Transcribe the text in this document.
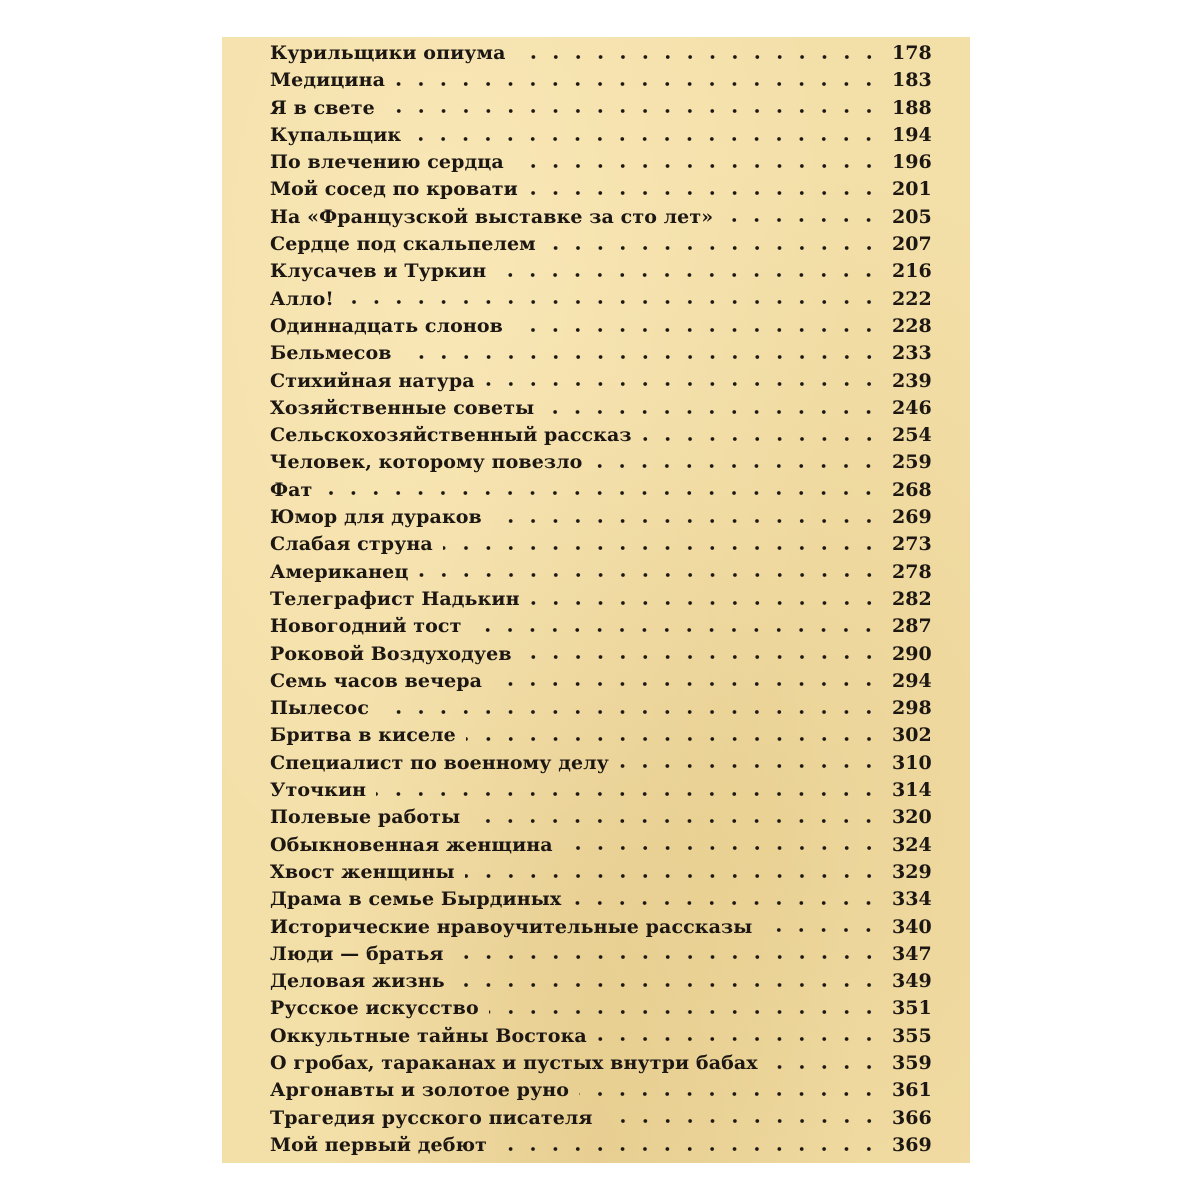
Курильщики опиума	178
Медицина	183
Я в свете	188
Купальщик	194
По влечению сердца	196
Мой сосед по кровати	201
На «Французской выставке за сто лет»	205
Сердце под скальпелем	207
Клусачев и Туркин	216
Алло!	222
Одиннадцать слонов	228
Бельмесов	233
Стихийная натура	239
Хозяйственные советы	246
Сельскохозяйственный рассказ	254
Человек, которому повезло	259
Фат	268
Юмор для дураков	269
Слабая струна	273
Американец	278
Телеграфист Надькин	282
Новогодний тост	287
Роковой Воздуходуев	290
Семь часов вечера	294
Пылесос	298
Бритва в киселе	302
Специалист по военному делу	310
Уточкин	314
Полевые работы	320
Обыкновенная женщина	324
Хвост женщины	329
Драма в семье Быpдиных	334
Исторические нравоучительные рассказы	340
Люди — братья	347
Деловая жизнь	349
Русское искусство	351
Оккультные тайны Востока	355
О гробах, тараканах и пустых внутри бабах	359
Аргонавты и золотое руно	361
Трагедия русского писателя	366
Мой первый дебют	369
